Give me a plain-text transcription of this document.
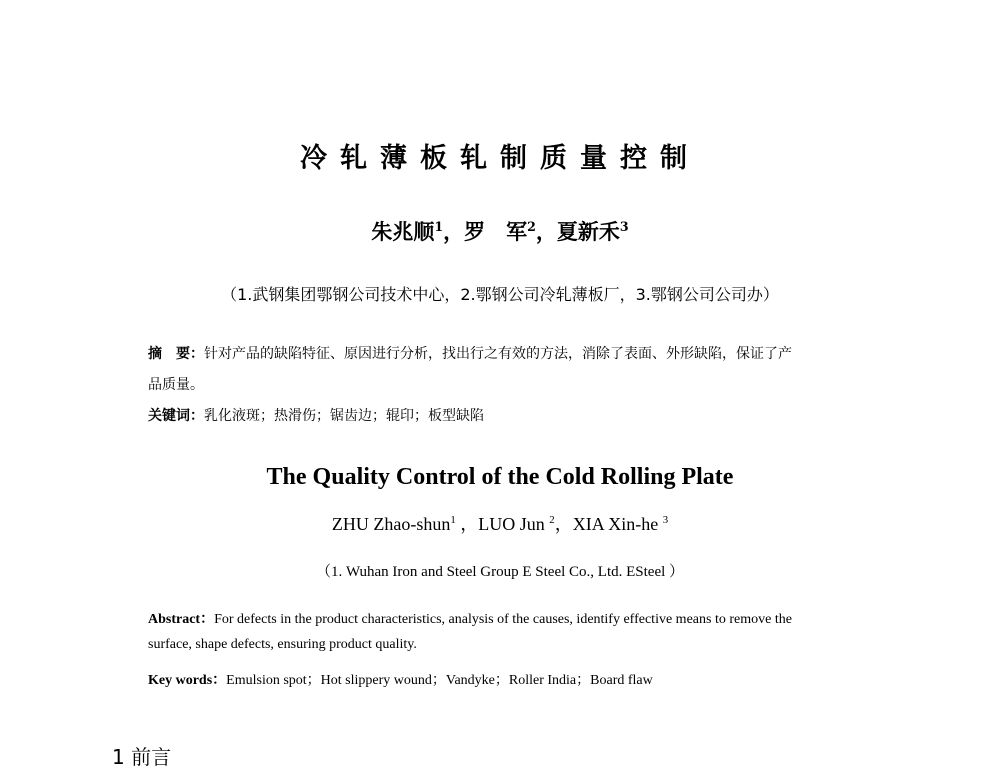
冷轧薄板轧制质量控制
朱兆顺$^1$，罗　军$^2$，夏新禾$^3$
（1.武钢集团鄂钢公司技术中心，2.鄂钢公司冷轧薄板厂，3.鄂钢公司公司办）
摘　要：针对产品的缺陷特征、原因进行分析，找出行之有效的方法，消除了表面、外形缺陷，保证了产
品质量。
关键词：乳化液斑；热滑伤；锯齿边；辊印；板型缺陷
The Quality Control of the Cold Rolling Plate
ZHU Zhao-shun$^1$ ，LUO Jun $^2$，XIA Xin-he $^3$
（1. Wuhan Iron and Steel Group E Steel Co., Ltd. ESteel ）
Abstract：For defects in the product characteristics, analysis of the causes, identify effective means to remove the
surface, shape defects, ensuring product quality.
Key words：Emulsion spot；Hot slippery wound；Vandyke；Roller India；Board flaw
1 前言
